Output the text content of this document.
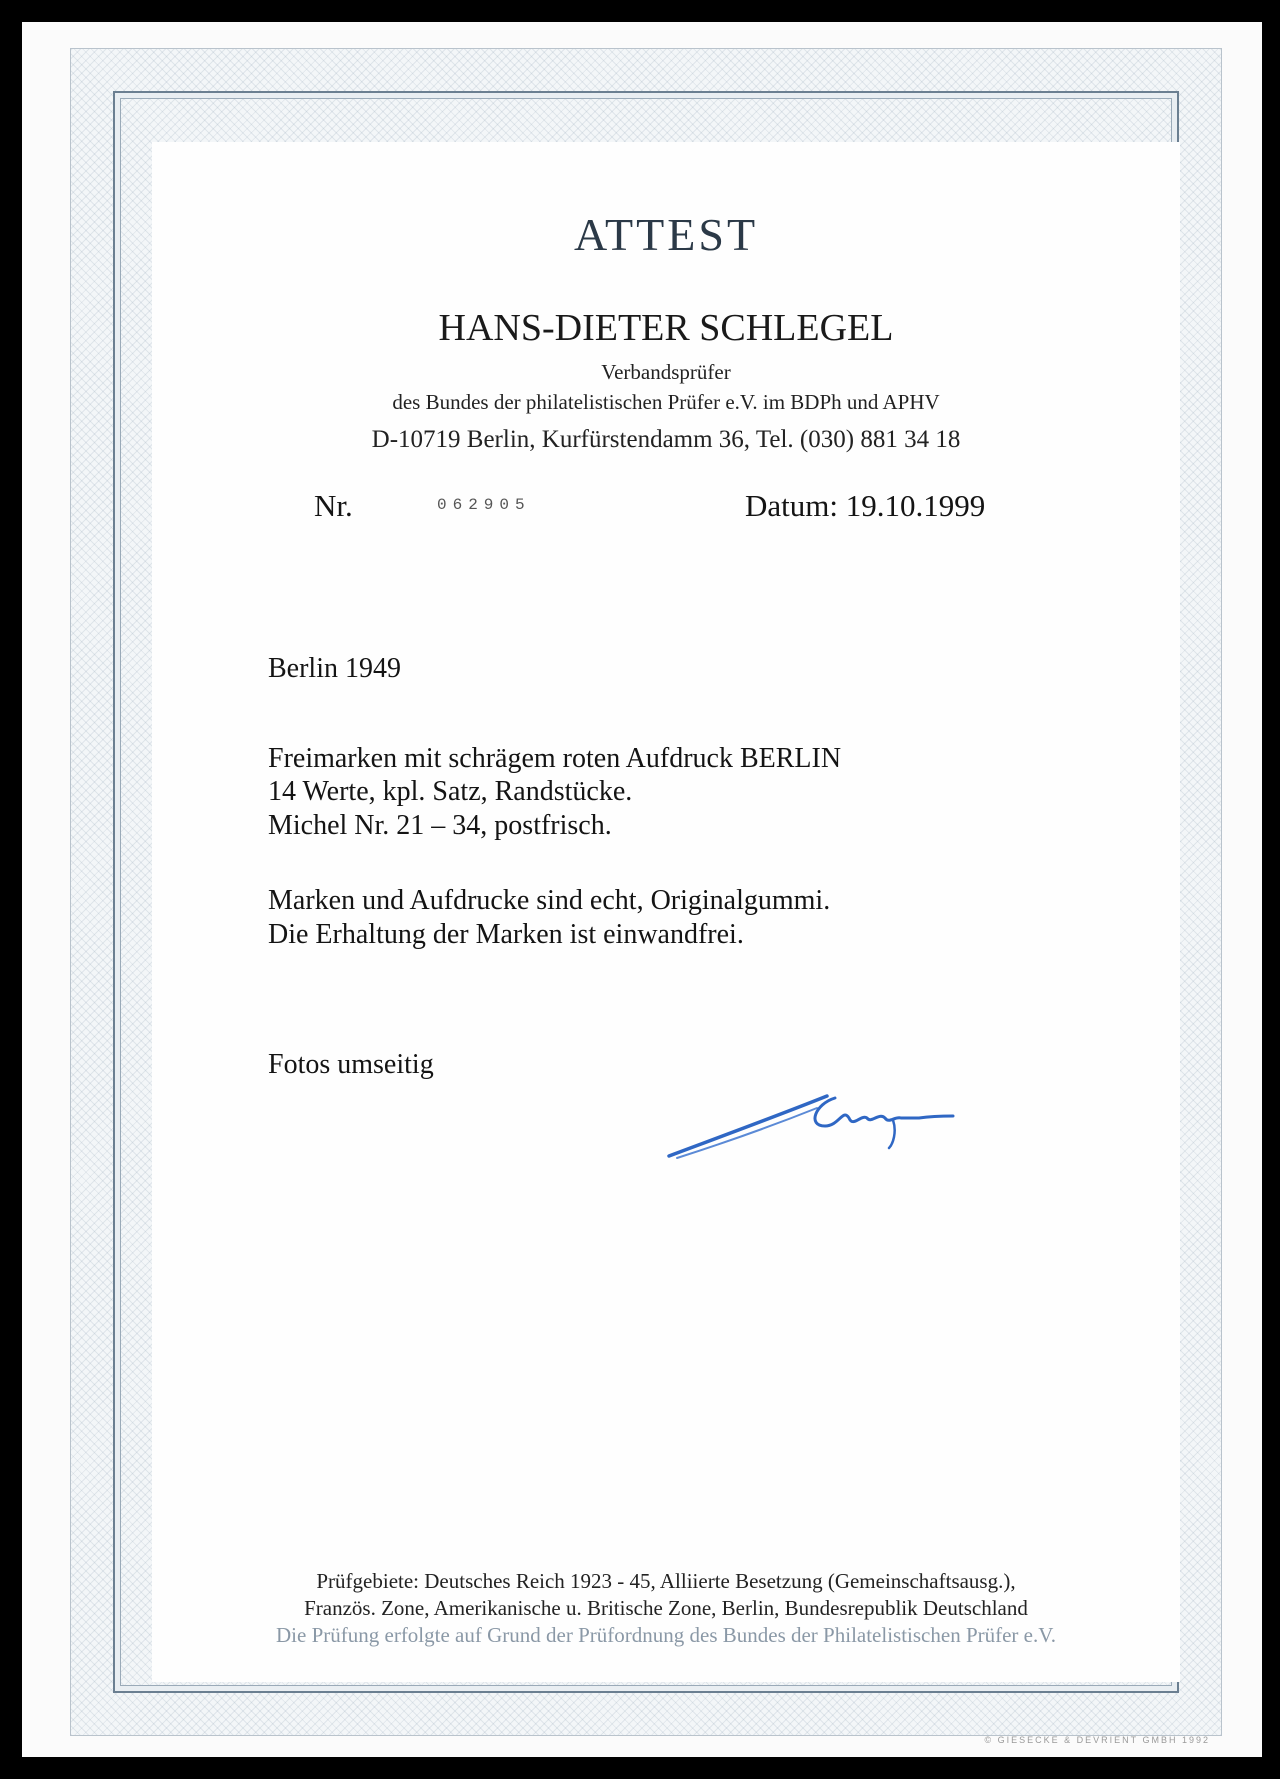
ATTEST
HANS-DIETER SCHLEGEL
Verbandsprüfer
des Bundes der philatelistischen Prüfer e.V. im BDPh und APHV
D-10719 Berlin, Kurfürstendamm 36, Tel. (030) 881 34 18
Nr.	062905	Datum: 19.10.1999
Berlin 1949
Freimarken mit schrägem roten Aufdruck BERLIN
14 Werte, kpl. Satz, Randstücke.
Michel Nr. 21 – 34, postfrisch.
Marken und Aufdrucke sind echt, Originalgummi.
Die Erhaltung der Marken ist einwandfrei.
Fotos umseitig
Prüfgebiete: Deutsches Reich 1923 - 45, Alliierte Besetzung (Gemeinschaftsausg.),
Französ. Zone, Amerikanische u. Britische Zone, Berlin, Bundesrepublik Deutschland
Die Prüfung erfolgte auf Grund der Prüfordnung des Bundes der Philatelistischen Prüfer e.V.
© GIESECKE & DEVRIENT GMBH 1992
